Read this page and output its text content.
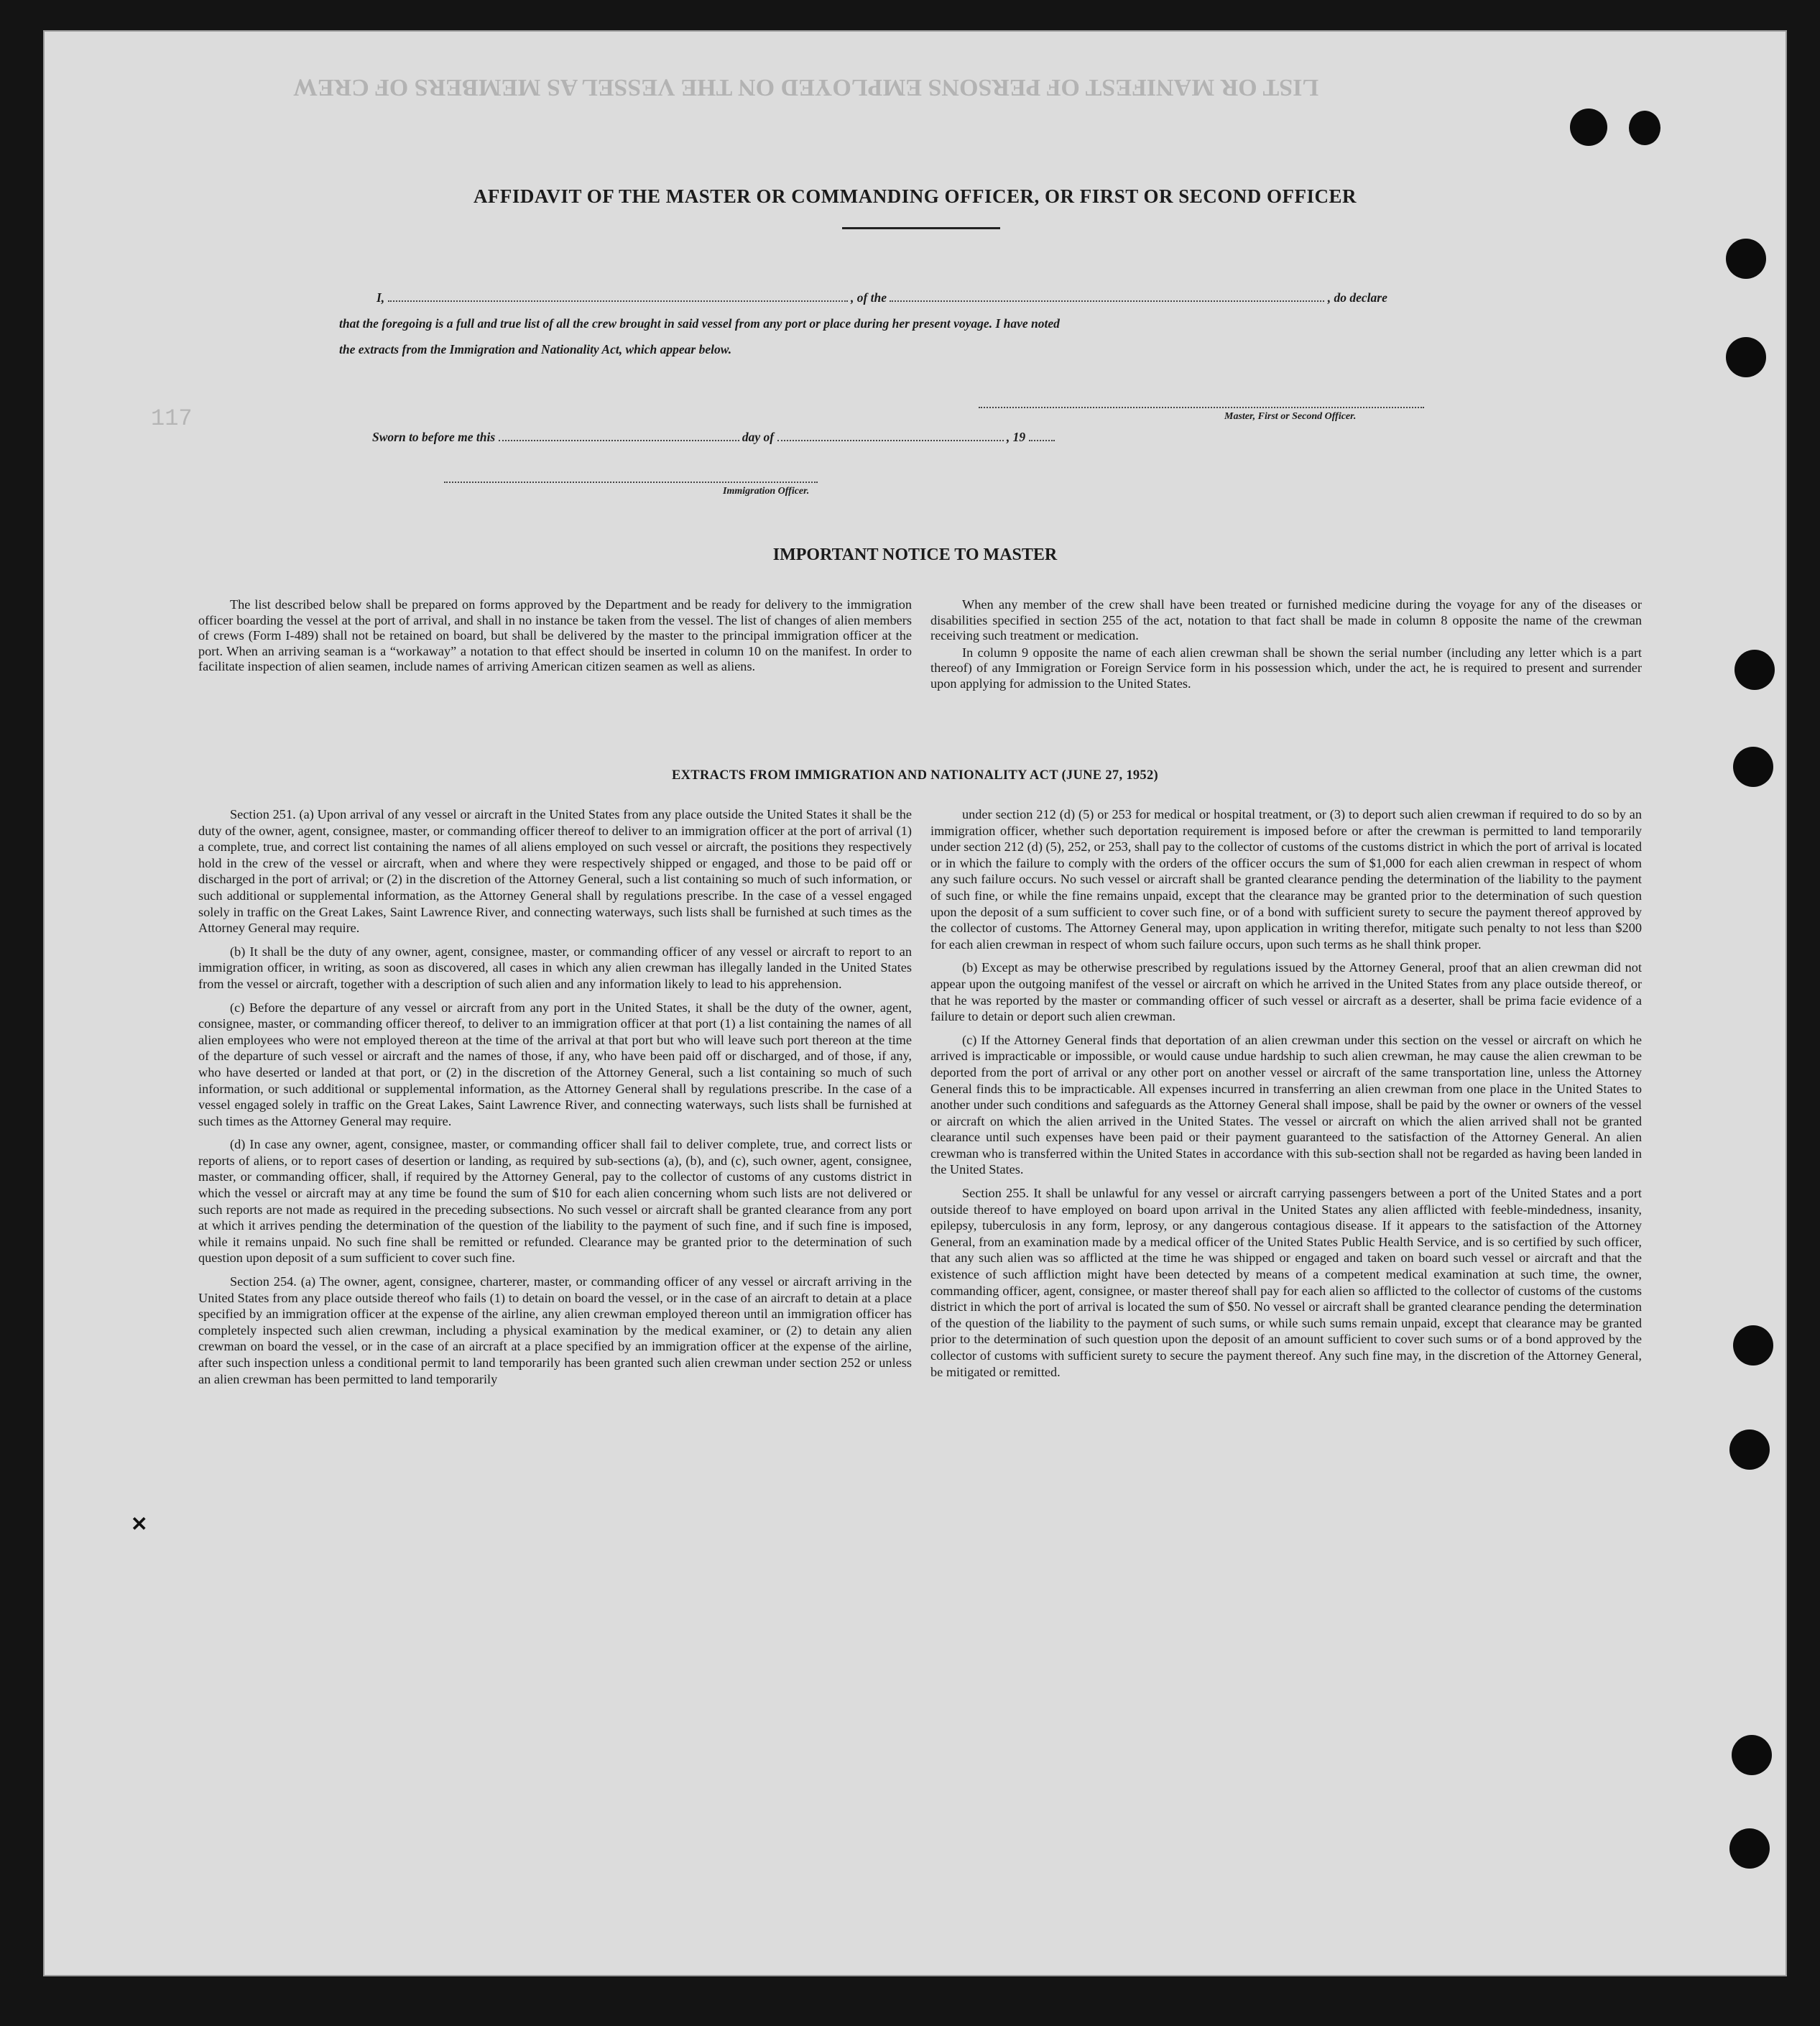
LIST OR MANIFEST OF PERSONS EMPLOYED ON THE VESSEL AS MEMBERS OF CREW

117
AFFIDAVIT OF THE MASTER OR COMMANDING OFFICER, OR FIRST OR SECOND OFFICER
I,	, of the	, do declare
that the foregoing is a full and true list of all the crew brought in said vessel from any port or place during her present voyage. I have noted
the extracts from the Immigration and Nationality Act, which appear below.
Master, First or Second Officer.
Sworn to before me this	day of	, 19
Immigration Officer.
IMPORTANT NOTICE TO MASTER

The list described below shall be prepared on forms approved by the Department and be ready for delivery to the immigration officer boarding the vessel at the port of arrival, and shall in no instance be taken from the vessel. The list of changes of alien members of crews (Form I-489) shall not be retained on board, but shall be delivered by the master to the principal immigration officer at the port. When an arriving seaman is a “workaway” a notation to that effect should be inserted in column 10 on the manifest. In order to facilitate inspection of alien seamen, include names of arriving American citizen seamen as well as aliens.

When any member of the crew shall have been treated or furnished medicine during the voyage for any of the diseases or disabilities specified in section 255 of the act, notation to that fact shall be made in column 8 opposite the name of the crewman receiving such treatment or medication.

In column 9 opposite the name of each alien crewman shall be shown the serial number (including any letter which is a part thereof) of any Immigration or Foreign Service form in his possession which, under the act, he is required to present and surrender upon applying for admission to the United States.

EXTRACTS FROM IMMIGRATION AND NATIONALITY ACT (JUNE 27, 1952)

Section 251. (a) Upon arrival of any vessel or aircraft in the United States from any place outside the United States it shall be the duty of the owner, agent, consignee, master, or commanding officer thereof to deliver to an immigration officer at the port of arrival (1) a complete, true, and correct list containing the names of all aliens employed on such vessel or aircraft, the positions they respectively hold in the crew of the vessel or aircraft, when and where they were respectively shipped or engaged, and those to be paid off or discharged in the port of arrival; or (2) in the discretion of the Attorney General, such a list containing so much of such information, or such additional or supplemental information, as the Attorney General shall by regulations prescribe. In the case of a vessel engaged solely in traffic on the Great Lakes, Saint Lawrence River, and connecting waterways, such lists shall be furnished at such times as the Attorney General may require.

(b) It shall be the duty of any owner, agent, consignee, master, or commanding officer of any vessel or aircraft to report to an immigration officer, in writing, as soon as discovered, all cases in which any alien crewman has illegally landed in the United States from the vessel or aircraft, together with a description of such alien and any information likely to lead to his apprehension.

(c) Before the departure of any vessel or aircraft from any port in the United States, it shall be the duty of the owner, agent, consignee, master, or commanding officer thereof, to deliver to an immigration officer at that port (1) a list containing the names of all alien employees who were not employed thereon at the time of the arrival at that port but who will leave such port thereon at the time of the departure of such vessel or aircraft and the names of those, if any, who have been paid off or discharged, and of those, if any, who have deserted or landed at that port, or (2) in the discretion of the Attorney General, such a list containing so much of such information, or such additional or supplemental information, as the Attorney General shall by regulations prescribe. In the case of a vessel engaged solely in traffic on the Great Lakes, Saint Lawrence River, and connecting waterways, such lists shall be furnished at such times as the Attorney General may require.

(d) In case any owner, agent, consignee, master, or commanding officer shall fail to deliver complete, true, and correct lists or reports of aliens, or to report cases of desertion or landing, as required by sub-sections (a), (b), and (c), such owner, agent, consignee, master, or commanding officer, shall, if required by the Attorney General, pay to the collector of customs of any customs district in which the vessel or aircraft may at any time be found the sum of $10 for each alien concerning whom such lists are not delivered or such reports are not made as required in the preceding subsections. No such vessel or aircraft shall be granted clearance from any port at which it arrives pending the determination of the question of the liability to the payment of such fine, and if such fine is imposed, while it remains unpaid. No such fine shall be remitted or refunded. Clearance may be granted prior to the determination of such question upon deposit of a sum sufficient to cover such fine.

Section 254. (a) The owner, agent, consignee, charterer, master, or commanding officer of any vessel or aircraft arriving in the United States from any place outside thereof who fails (1) to detain on board the vessel, or in the case of an aircraft to detain at a place specified by an immigration officer at the expense of the airline, any alien crewman employed thereon until an immigration officer has completely inspected such alien crewman, including a physical examination by the medical examiner, or (2) to detain any alien crewman on board the vessel, or in the case of an aircraft at a place specified by an immigration officer at the expense of the airline, after such inspection unless a conditional permit to land temporarily has been granted such alien crewman under section 252 or unless an alien crewman has been permitted to land temporarily

under section 212 (d) (5) or 253 for medical or hospital treatment, or (3) to deport such alien crewman if required to do so by an immigration officer, whether such deportation requirement is imposed before or after the crewman is permitted to land temporarily under section 212 (d) (5), 252, or 253, shall pay to the collector of customs of the customs district in which the port of arrival is located or in which the failure to comply with the orders of the officer occurs the sum of $1,000 for each alien crewman in respect of whom any such failure occurs. No such vessel or aircraft shall be granted clearance pending the determination of the liability to the payment of such fine, or while the fine remains unpaid, except that the clearance may be granted prior to the determination of such question upon the deposit of a sum sufficient to cover such fine, or of a bond with sufficient surety to secure the payment thereof approved by the collector of customs. The Attorney General may, upon application in writing therefor, mitigate such penalty to not less than $200 for each alien crewman in respect of whom such failure occurs, upon such terms as he shall think proper.

(b) Except as may be otherwise prescribed by regulations issued by the Attorney General, proof that an alien crewman did not appear upon the outgoing manifest of the vessel or aircraft on which he arrived in the United States from any place outside thereof, or that he was reported by the master or commanding officer of such vessel or aircraft as a deserter, shall be prima facie evidence of a failure to detain or deport such alien crewman.

(c) If the Attorney General finds that deportation of an alien crewman under this section on the vessel or aircraft on which he arrived is impracticable or impossible, or would cause undue hardship to such alien crewman, he may cause the alien crewman to be deported from the port of arrival or any other port on another vessel or aircraft of the same transportation line, unless the Attorney General finds this to be impracticable. All expenses incurred in transferring an alien crewman from one place in the United States to another under such conditions and safeguards as the Attorney General shall impose, shall be paid by the owner or owners of the vessel or aircraft on which the alien arrived in the United States. The vessel or aircraft on which the alien arrived shall not be granted clearance until such expenses have been paid or their payment guaranteed to the satisfaction of the Attorney General. An alien crewman who is transferred within the United States in accordance with this sub-section shall not be regarded as having been landed in the United States.

Section 255. It shall be unlawful for any vessel or aircraft carrying passengers between a port of the United States and a port outside thereof to have employed on board upon arrival in the United States any alien afflicted with feeble-mindedness, insanity, epilepsy, tuberculosis in any form, leprosy, or any dangerous contagious disease. If it appears to the satisfaction of the Attorney General, from an examination made by a medical officer of the United States Public Health Service, and is so certified by such officer, that any such alien was so afflicted at the time he was shipped or engaged and taken on board such vessel or aircraft and that the existence of such affliction might have been detected by means of a competent medical examination at such time, the owner, commanding officer, agent, consignee, or master thereof shall pay for each alien so afflicted to the collector of customs of the customs district in which the port of arrival is located the sum of $50. No vessel or aircraft shall be granted clearance pending the determination of the question of the liability to the payment of such sums, or while such sums remain unpaid, except that clearance may be granted prior to the determination of such question upon the deposit of an amount sufficient to cover such sums or of a bond approved by the collector of customs with sufficient surety to secure the payment thereof. Any such fine may, in the discretion of the Attorney General, be mitigated or remitted.

✕
